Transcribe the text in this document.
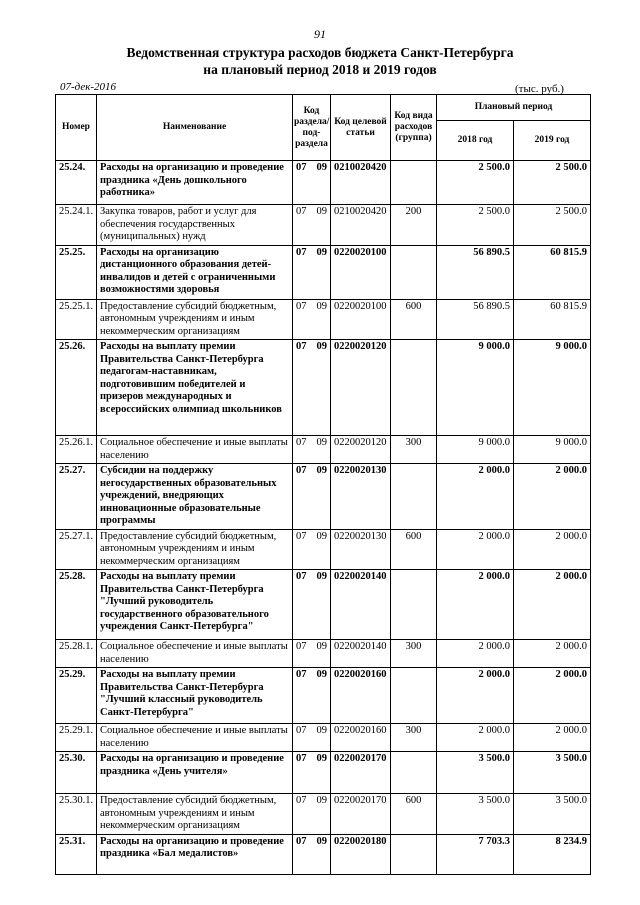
91
Ведомственная структура расходов бюджета Санкт-Петербурга
на плановый период 2018 и 2019 годов
07-дек-2016	(тыс. руб.)
Номер	Наименование	Код раздела/ под-раздела	Код целевой статьи	Код вида расходов (группа)	Плановый период	
					2018 год	2019 год
25.24.	Расходы на организацию и проведение праздника «День дошкольного работника»	07 09	0210020420		2 500.0	2 500.0
25.24.1.	Закупка товаров, работ и услуг для обеспечения государственных (муниципальных) нужд	07 09	0210020420	200	2 500.0	2 500.0
25.25.	Расходы на организацию дистанционного образования детей-инвалидов и детей с ограниченными возможностями здоровья	07 09	0220020100		56 890.5	60 815.9
25.25.1.	Предоставление субсидий бюджетным, автономным учреждениям и иным некоммерческим организациям	07 09	0220020100	600	56 890.5	60 815.9
25.26.	Расходы на выплату премии Правительства Санкт-Петербурга педагогам-наставникам, подготовившим победителей и призеров международных и всероссийских олимпиад школьников	07 09	0220020120		9 000.0	9 000.0
25.26.1.	Социальное обеспечение и иные выплаты населению	07 09	0220020120	300	9 000.0	9 000.0
25.27.	Субсидии на поддержку негосударственных образовательных учреждений, внедряющих инновационные образовательные программы	07 09	0220020130		2 000.0	2 000.0
25.27.1.	Предоставление субсидий бюджетным, автономным учреждениям и иным некоммерческим организациям	07 09	0220020130	600	2 000.0	2 000.0
25.28.	Расходы на выплату премии Правительства Санкт-Петербурга "Лучший руководитель государственного образовательного учреждения Санкт-Петербурга"	07 09	0220020140		2 000.0	2 000.0
25.28.1.	Социальное обеспечение и иные выплаты населению	07 09	0220020140	300	2 000.0	2 000.0
25.29.	Расходы на выплату премии Правительства Санкт-Петербурга "Лучший классный руководитель Санкт-Петербурга"	07 09	0220020160		2 000.0	2 000.0
25.29.1.	Социальное обеспечение и иные выплаты населению	07 09	0220020160	300	2 000.0	2 000.0
25.30.	Расходы на организацию и проведение праздника «День учителя»	07 09	0220020170		3 500.0	3 500.0
25.30.1.	Предоставление субсидий бюджетным, автономным учреждениям и иным некоммерческим организациям	07 09	0220020170	600	3 500.0	3 500.0
25.31.	Расходы на организацию и проведение праздника «Бал медалистов»	07 09	0220020180		7 703.3	8 234.9
